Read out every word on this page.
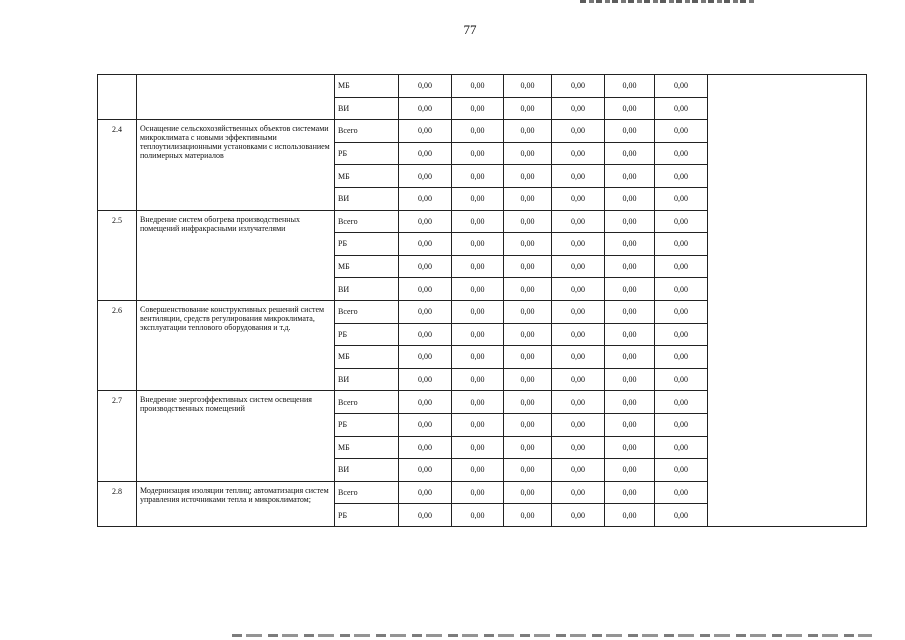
77
		МБ	0,00	0,00	0,00	0,00	0,00	0,00	
		ВИ	0,00	0,00	0,00	0,00	0,00	0,00	
2.4	Оснащение сельскохозяйственных объектов системами микроклимата с новыми эффективными теплоутилизационными установками с использованием полимерных материалов	Всего	0,00	0,00	0,00	0,00	0,00	0,00	
		РБ	0,00	0,00	0,00	0,00	0,00	0,00	
		МБ	0,00	0,00	0,00	0,00	0,00	0,00	
		ВИ	0,00	0,00	0,00	0,00	0,00	0,00	
2.5	Внедрение систем обогрева производственных помещений инфракрасными излучателями	Всего	0,00	0,00	0,00	0,00	0,00	0,00	
		РБ	0,00	0,00	0,00	0,00	0,00	0,00	
		МБ	0,00	0,00	0,00	0,00	0,00	0,00	
		ВИ	0,00	0,00	0,00	0,00	0,00	0,00	
2.6	Совершенствование конструктивных решений систем вентиляции, средств регулирования микроклимата, эксплуатации теплового оборудования и т.д.	Всего	0,00	0,00	0,00	0,00	0,00	0,00	
		РБ	0,00	0,00	0,00	0,00	0,00	0,00	
		МБ	0,00	0,00	0,00	0,00	0,00	0,00	
		ВИ	0,00	0,00	0,00	0,00	0,00	0,00	
2.7	Внедрение энергоэффективных систем освещения производственных помещений	Всего	0,00	0,00	0,00	0,00	0,00	0,00	
		РБ	0,00	0,00	0,00	0,00	0,00	0,00	
		МБ	0,00	0,00	0,00	0,00	0,00	0,00	
		ВИ	0,00	0,00	0,00	0,00	0,00	0,00	
2.8	Модернизация изоляции теплиц; автоматизация систем управления источниками тепла и микроклиматом;	Всего	0,00	0,00	0,00	0,00	0,00	0,00	
		РБ	0,00	0,00	0,00	0,00	0,00	0,00	
